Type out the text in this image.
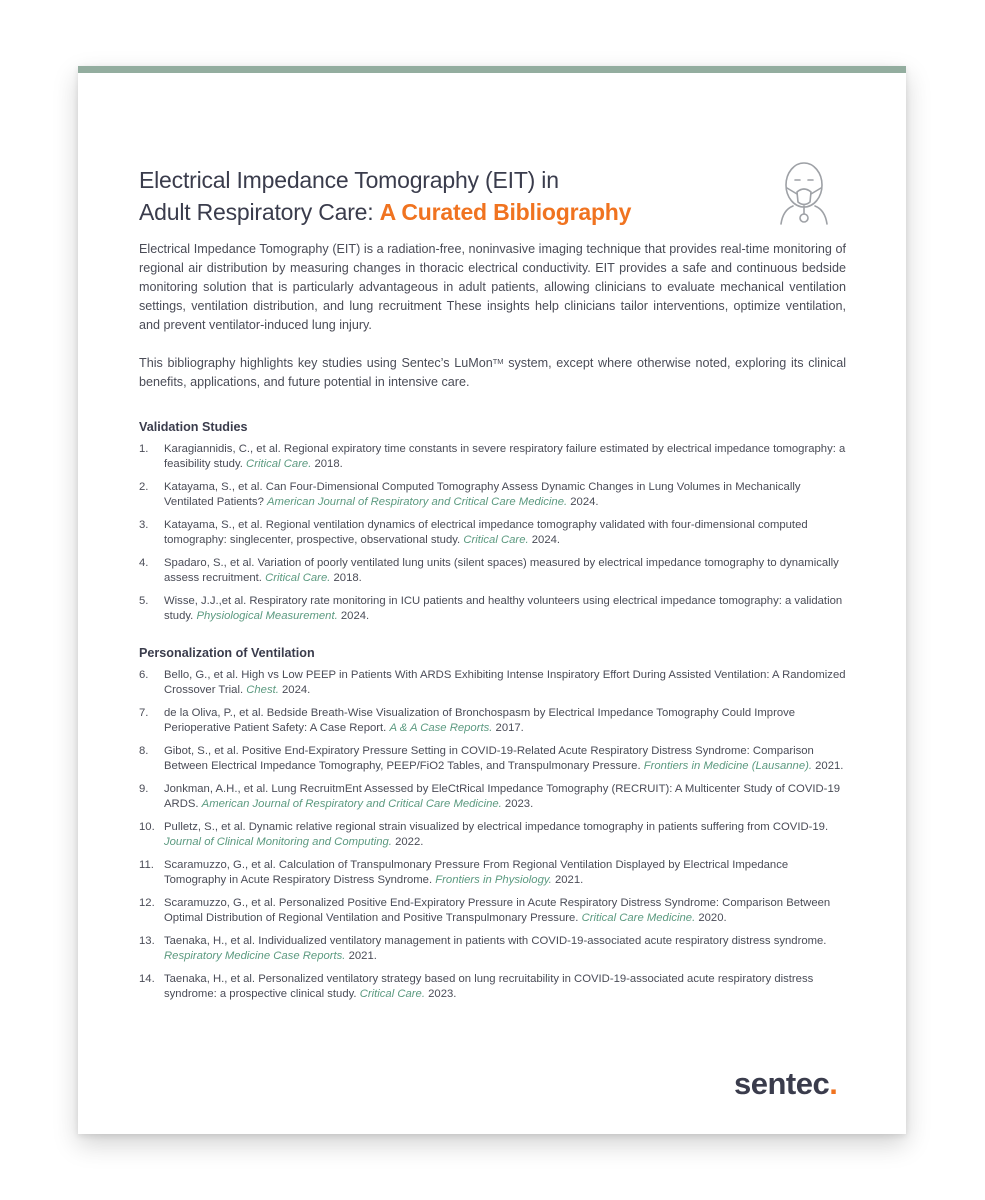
Electrical Impedance Tomography (EIT) in
Adult Respiratory Care: A Curated Bibliography

Electrical Impedance Tomography (EIT) is a radiation-free, noninvasive imaging technique that provides real-time monitoring of regional air distribution by measuring changes in thoracic electrical conductivity. EIT provides a safe and continuous bedside monitoring solution that is particularly advantageous in adult patients, allowing clinicians to evaluate mechanical ventilation settings, ventilation distribution, and lung recruitment These insights help clinicians tailor interventions, optimize ventilation, and prevent ventilator-induced lung injury.

This bibliography highlights key studies using Sentec’s LuMon™ system, except where otherwise noted, exploring its clinical benefits, applications, and future potential in intensive care.

Validation Studies
1. Karagiannidis, C., et al. Regional expiratory time constants in severe respiratory failure estimated by electrical impedance tomography: a feasibility study. Critical Care. 2018.
2. Katayama, S., et al. Can Four-Dimensional Computed Tomography Assess Dynamic Changes in Lung Volumes in Mechanically Ventilated Patients? American Journal of Respiratory and Critical Care Medicine. 2024.
3. Katayama, S., et al. Regional ventilation dynamics of electrical impedance tomography validated with four-dimensional computed tomography: singlecenter, prospective, observational study. Critical Care. 2024.
4. Spadaro, S., et al. Variation of poorly ventilated lung units (silent spaces) measured by electrical impedance tomography to dynamically assess recruitment. Critical Care. 2018.
5. Wisse, J.J.,et al. Respiratory rate monitoring in ICU patients and healthy volunteers using electrical impedance tomography: a validation study. Physiological Measurement. 2024.
Personalization of Ventilation
6. Bello, G., et al. High vs Low PEEP in Patients With ARDS Exhibiting Intense Inspiratory Effort During Assisted Ventilation: A Randomized Crossover Trial. Chest. 2024.
7. de la Oliva, P., et al. Bedside Breath-Wise Visualization of Bronchospasm by Electrical Impedance Tomography Could Improve Perioperative Patient Safety: A Case Report. A & A Case Reports. 2017.
8. Gibot, S., et al. Positive End-Expiratory Pressure Setting in COVID-19-Related Acute Respiratory Distress Syndrome: Comparison Between Electrical Impedance Tomography, PEEP/FiO2 Tables, and Transpulmonary Pressure. Frontiers in Medicine (Lausanne). 2021.
9. Jonkman, A.H., et al. Lung RecruitmEnt Assessed by EleCtRical Impedance Tomography (RECRUIT): A Multicenter Study of COVID-19 ARDS. American Journal of Respiratory and Critical Care Medicine. 2023.
10. Pulletz, S., et al. Dynamic relative regional strain visualized by electrical impedance tomography in patients suffering from COVID-19. Journal of Clinical Monitoring and Computing. 2022.
11. Scaramuzzo, G., et al. Calculation of Transpulmonary Pressure From Regional Ventilation Displayed by Electrical Impedance Tomography in Acute Respiratory Distress Syndrome. Frontiers in Physiology. 2021.
12. Scaramuzzo, G., et al. Personalized Positive End-Expiratory Pressure in Acute Respiratory Distress Syndrome: Comparison Between Optimal Distribution of Regional Ventilation and Positive Transpulmonary Pressure. Critical Care Medicine. 2020.
13. Taenaka, H., et al. Individualized ventilatory management in patients with COVID-19-associated acute respiratory distress syndrome. Respiratory Medicine Case Reports. 2021.
14. Taenaka, H., et al. Personalized ventilatory strategy based on lung recruitability in COVID-19-associated acute respiratory distress syndrome: a prospective clinical study. Critical Care. 2023.
sentec.
